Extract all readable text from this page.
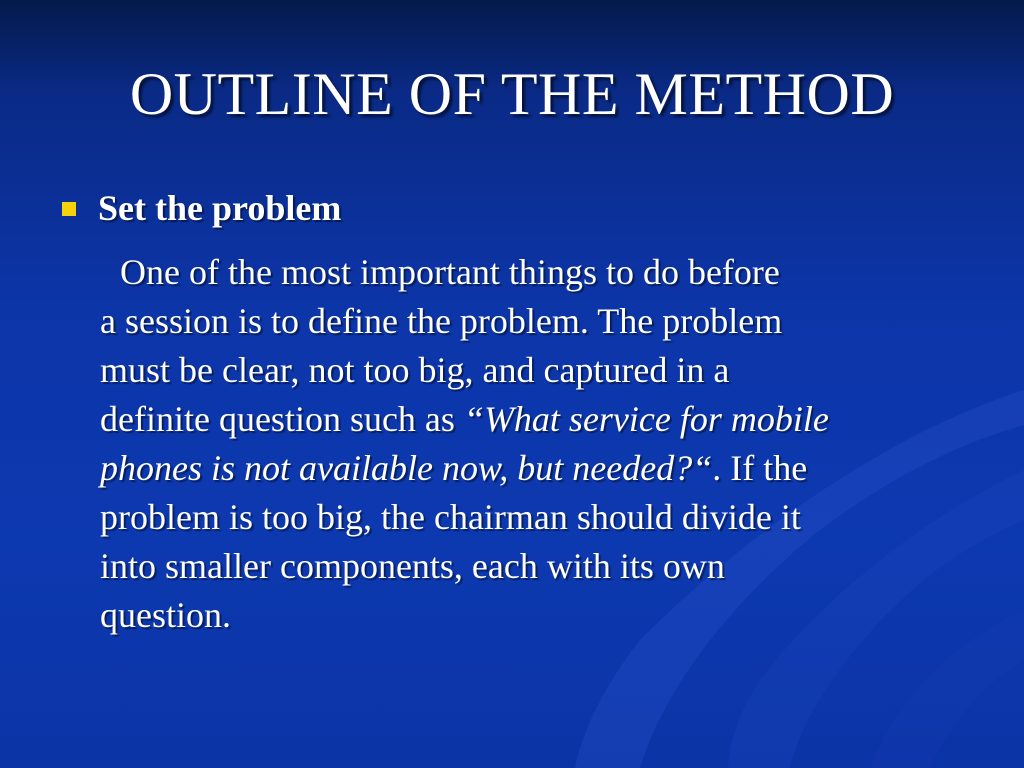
OUTLINE OF THE METHOD
Set the problem
One of the most important things to do before
a session is to define the problem. The problem
must be clear, not too big, and captured in a
definite question such as “What service for mobile
phones is not available now, but needed?“. If the
problem is too big, the chairman should divide it
into smaller components, each with its own
question.
